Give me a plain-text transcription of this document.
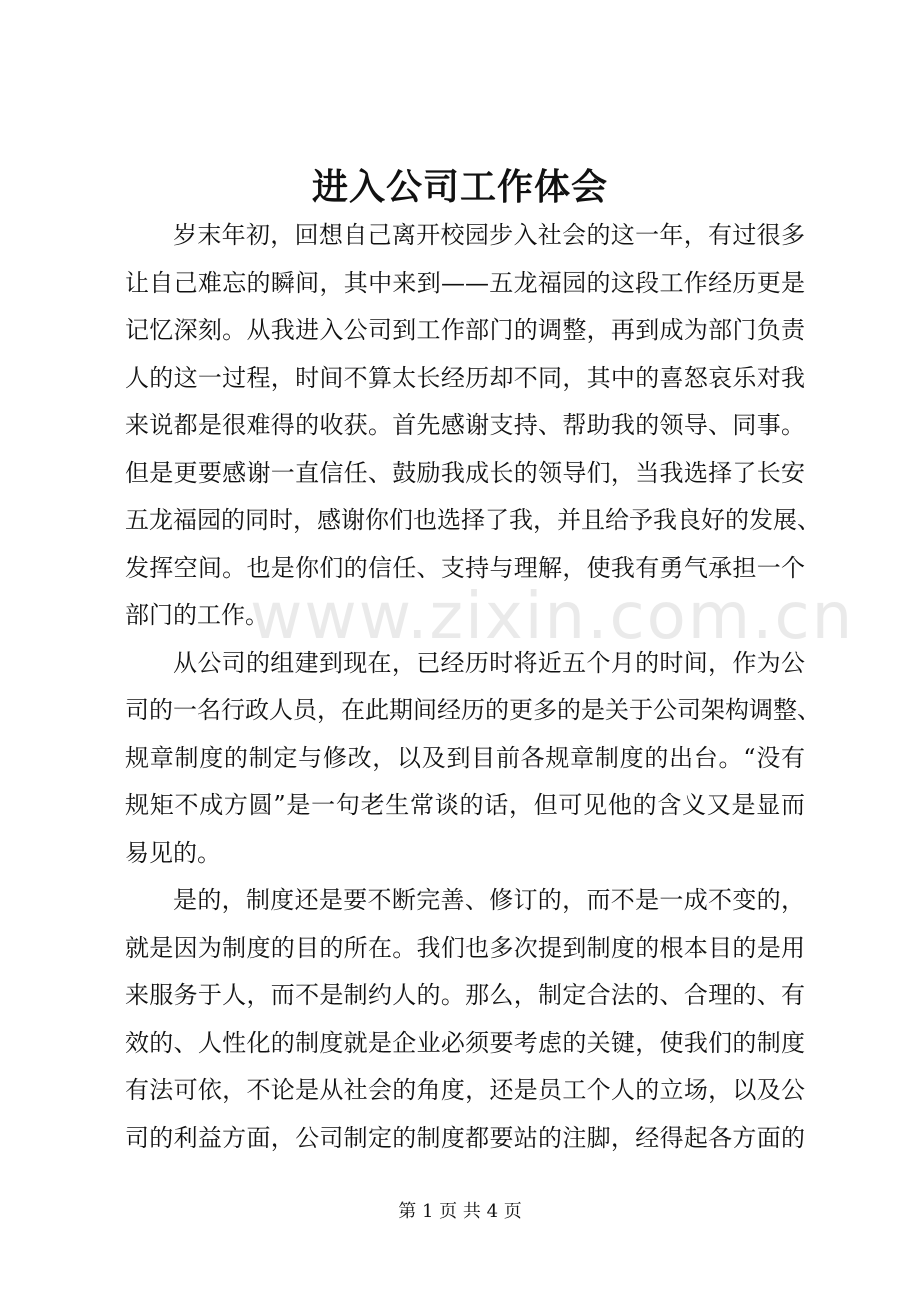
进入公司工作体会
www.zixin.com.cn

岁末年初，回想自己离开校园步入社会的这一年，有过很多
让自己难忘的瞬间，其中来到——五龙福园的这段工作经历更是
记忆深刻。从我进入公司到工作部门的调整，再到成为部门负责
人的这一过程，时间不算太长经历却不同，其中的喜怒哀乐对我
来说都是很难得的收获。首先感谢支持、帮助我的领导、同事。
但是更要感谢一直信任、鼓励我成长的领导们，当我选择了长安
五龙福园的同时，感谢你们也选择了我，并且给予我良好的发展、
发挥空间。也是你们的信任、支持与理解，使我有勇气承担一个
部门的工作。

从公司的组建到现在，已经历时将近五个月的时间，作为公
司的一名行政人员，在此期间经历的更多的是关于公司架构调整、
规章制度的制定与修改，以及到目前各规章制度的出台。“没有
规矩不成方圆”是一句老生常谈的话，但可见他的含义又是显而
易见的。

是的，制度还是要不断完善、修订的，而不是一成不变的，
就是因为制度的目的所在。我们也多次提到制度的根本目的是用
来服务于人，而不是制约人的。那么，制定合法的、合理的、有
效的、人性化的制度就是企业必须要考虑的关键，使我们的制度
有法可依，不论是从社会的角度，还是员工个人的立场，以及公
司的利益方面，公司制定的制度都要站的注脚，经得起各方面的

第 1 页 共 4 页
